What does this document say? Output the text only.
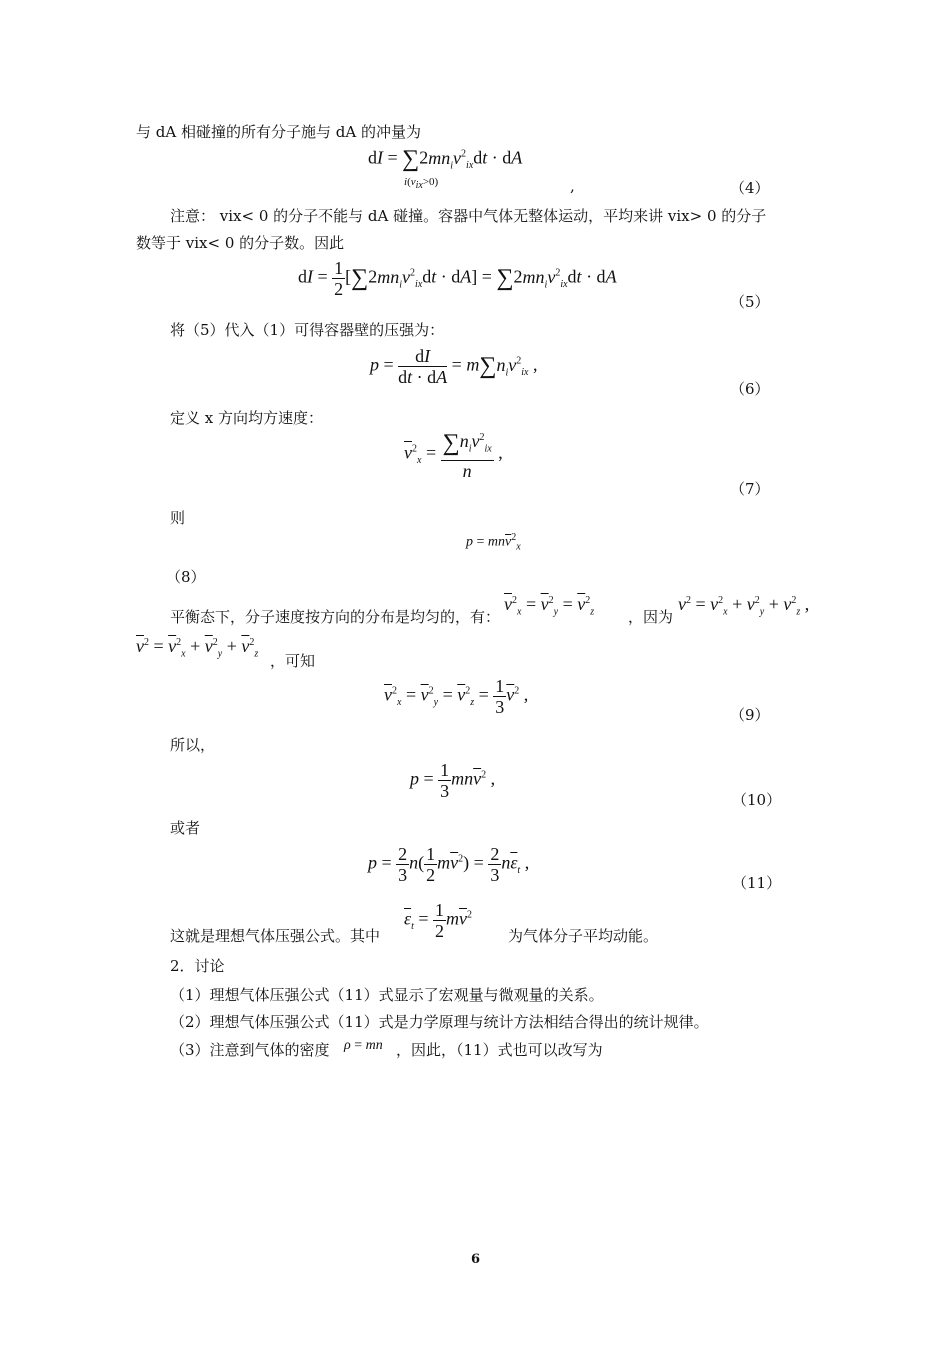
与 dA 相碰撞的所有分子施与 dA 的冲量为
dI = $\sum 2mn_iv^2_{ix}dt$ · dA
$i(v_{ix}>0)$	,	（4）
注意： vix< 0 的分子不能与 dA 碰撞。容器中气体无整体运动，平均来讲 vix> 0 的分子
数等于 vix< 0 的分子数。因此
dI = $\frac{1}{2} [\sum 2mn_iv^2_{ix}dt \cdot dA] = \sum 2mn_iv^2_{ix}dt$ · dA
（5）
将（5）代入（1）可得容器壁的压强为：
$p = \frac{dI}{dt \cdot dA} = m\sum n_iv^2_{ix}$ ,
（6）
定义 x 方向均方速度：
$\overline{v}^2_x = \frac{\sum n_iv^2_{ix}}{n}$ ,
（7）
则
$p = mn\overline{v}^2_x$
（8）
平衡态下，分子速度按方向的分布是均匀的，有：
$\overline{v}^2_x = \overline{v}^2_y = \overline{v}^2_z$ ，因为
$v^2 = v^2_x + v^2_y + v^2_z$ ,
$\overline{v}^2 = \overline{v}^2_x + \overline{v}^2_y + \overline{v}^2_z$ ，可知
$\overline{v}^2_x = \overline{v}^2_y = \overline{v}^2_z = \frac{1}{3} \overline{v}^2$ ,
（9）
所以，
$p = \frac{1}{3} mn\overline{v}^2$ ,
（10）
或者
$p = \frac{2}{3} n( \frac{1}{2} m\overline{v}^2) = \frac{2}{3} n\overline{\varepsilon}_t$ ,
（11）
这就是理想气体压强公式。其中
$\overline{\varepsilon}_t = \frac{1}{2} m\overline{v}^2$
为气体分子平均动能。
2．讨论
（1）理想气体压强公式（11）式显示了宏观量与微观量的关系。
（2）理想气体压强公式（11）式是力学原理与统计方法相结合得出的统计规律。
（3）注意到气体的密度 ρ = mn ，因此，（11）式也可以改写为
6
